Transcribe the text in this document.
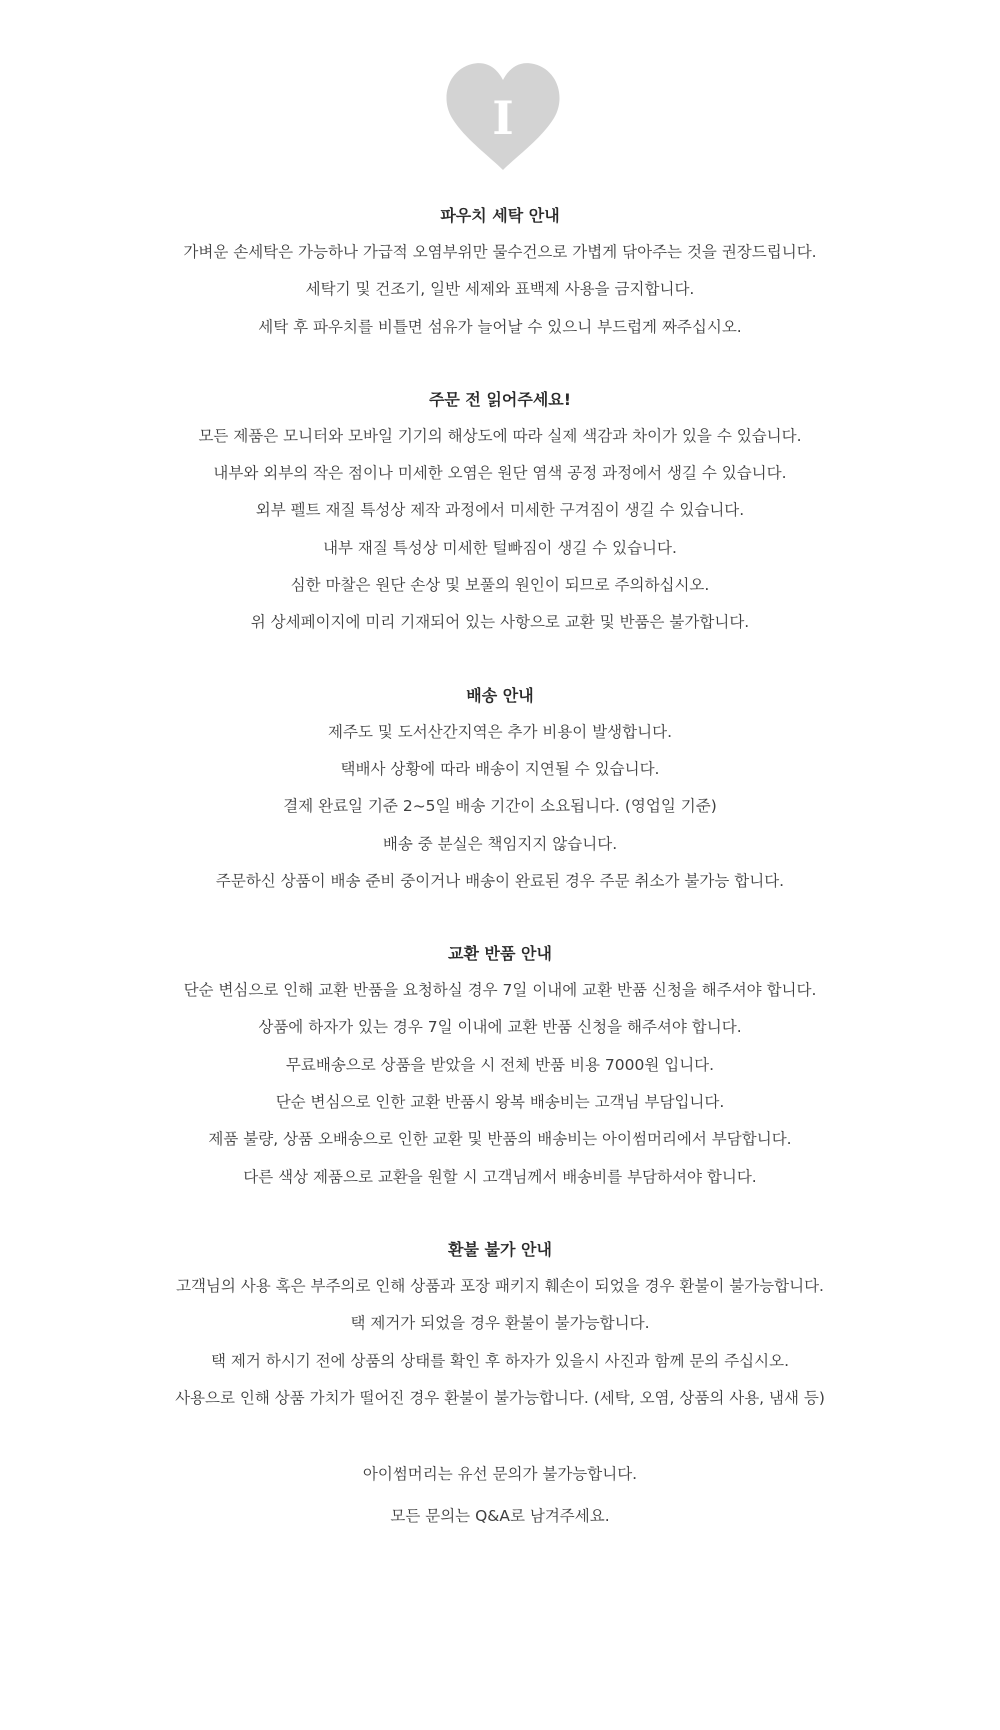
I
파우치 세탁 안내

가벼운 손세탁은 가능하나 가급적 오염부위만 물수건으로 가볍게 닦아주는 것을 권장드립니다.

세탁기 및 건조기, 일반 세제와 표백제 사용을 금지합니다.

세탁 후 파우치를 비틀면 섬유가 늘어날 수 있으니 부드럽게 짜주십시오.

주문 전 읽어주세요!

모든 제품은 모니터와 모바일 기기의 해상도에 따라 실제 색감과 차이가 있을 수 있습니다.

내부와 외부의 작은 점이나 미세한 오염은 원단 염색 공정 과정에서 생길 수 있습니다.

외부 펠트 재질 특성상 제작 과정에서 미세한 구겨짐이 생길 수 있습니다.

내부 재질 특성상 미세한 털빠짐이 생길 수 있습니다.

심한 마찰은 원단 손상 및 보풀의 원인이 되므로 주의하십시오.

위 상세페이지에 미리 기재되어 있는 사항으로 교환 및 반품은 불가합니다.

배송 안내

제주도 및 도서산간지역은 추가 비용이 발생합니다.

택배사 상황에 따라 배송이 지연될 수 있습니다.

결제 완료일 기준 2~5일 배송 기간이 소요됩니다. (영업일 기준)

배송 중 분실은 책임지지 않습니다.

주문하신 상품이 배송 준비 중이거나 배송이 완료된 경우 주문 취소가 불가능 합니다.

교환 반품 안내

단순 변심으로 인해 교환 반품을 요청하실 경우 7일 이내에 교환 반품 신청을 해주셔야 합니다.

상품에 하자가 있는 경우 7일 이내에 교환 반품 신청을 해주셔야 합니다.

무료배송으로 상품을 받았을 시 전체 반품 비용 7000원 입니다.

단순 변심으로 인한 교환 반품시 왕복 배송비는 고객님 부담입니다.

제품 불량, 상품 오배송으로 인한 교환 및 반품의 배송비는 아이썸머리에서 부담합니다.

다른 색상 제품으로 교환을 원할 시 고객님께서 배송비를 부담하셔야 합니다.

환불 불가 안내

고객님의 사용 혹은 부주의로 인해 상품과 포장 패키지 훼손이 되었을 경우 환불이 불가능합니다.

택 제거가 되었을 경우 환불이 불가능합니다.

택 제거 하시기 전에 상품의 상태를 확인 후 하자가 있을시 사진과 함께 문의 주십시오.

사용으로 인해 상품 가치가 떨어진 경우 환불이 불가능합니다. (세탁, 오염, 상품의 사용, 냄새 등)

아이썸머리는 유선 문의가 불가능합니다.

모든 문의는 Q&A로 남겨주세요.
